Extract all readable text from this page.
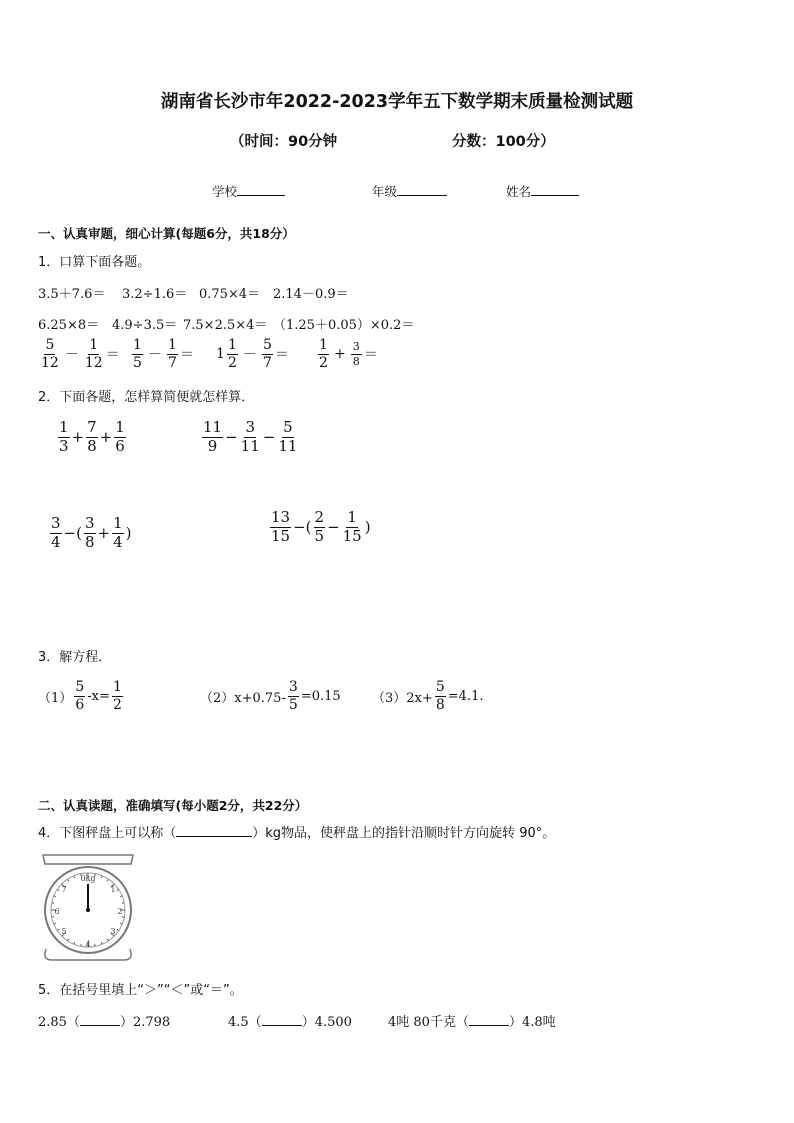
湖南省长沙市年2022-2023学年五下数学期末质量检测试题
（时间：90分钟	分数：100分）
学校	年级	姓名
一、认真审题，细心计算(每题6分，共18分）
1．口算下面各题。
3.5＋7.6＝ 3.2÷1.6＝ 0.75×4＝ 2.14－0.9＝
6.25×8＝ 4.9÷3.5＝ 7.5×2.5×4＝ （1.25＋0.05）×0.2＝
$\frac{5}{12} - \frac{1}{12} = \frac{1}{5} - \frac{1}{7} = 1 \frac{1}{2} - \frac{5}{7} = \frac{1}{2} + \frac{3}{8}$ ＝
2．下面各题，怎样算简便就怎样算．
$\frac{1}{3} + \frac{7}{8} + \frac{1}{6}$	$\frac{11}{9} - \frac{3}{11} - \frac{5}{11}$
$\frac{3}{4}$ −( $\frac{3}{8} + \frac{1}{4}$ )	$\frac{13}{15}$ −( $\frac{2}{5} - \frac{1}{15}$ )
3．解方程．
$(1) \frac{5}{6} -x= \frac{1}{2}$	$(2)x+0.75- \frac{3}{5} =0.15$ $(3)2x+ \frac{5}{8} =4.1$.
二、认真读题，准确填写(每小题2分，共22分）
4．下图秤盘上可以称（	）kg物品，使秤盘上的指针沿顺时针方向旋转 90°。
0kg
2
3
4
5
6
7	1
5．在括号里填上“＞”“＜”或“＝”。
2.85（	）2.798	4.5（	）4.500	4吨 80千克（	）4.8吨
